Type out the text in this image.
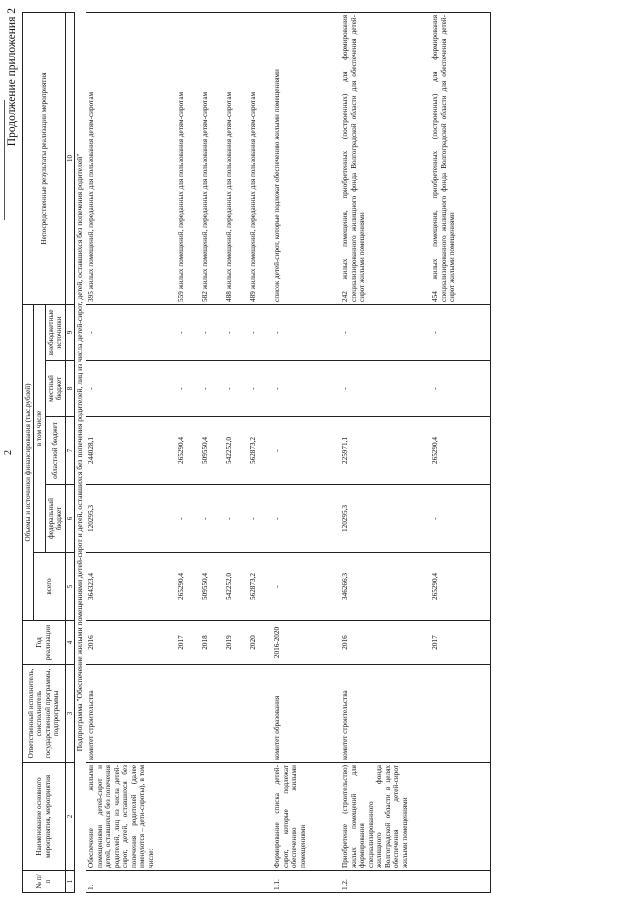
2
Продолжение приложения 2
№ п/п	Наименование основного мероприятия, мероприятия	Ответственный исполнитель, соисполнитель государственной программы, подпрограммы	Год реализации	Объемы и источники финансирования (тыс.рублей)					Непосредственные результаты реализации мероприятия
				всего	в том числе				
					федеральный бюджет	областной бюджет	местный бюджет	внебюджетные источники	
1	2	3	4	5	6	7	8	9	10
Подпрограмма "Обеспечение жилыми помещениями детей-сирот и детей, оставшихся без попечения родителей, лиц из числа детей-сирот, детей, оставшихся без попечения родителей"									
1.	Обеспечение жилыми помещениями детей-сирот и детей, оставшихся без попечения родителей, лиц из числа детей-сирот, детей, оставшихся без попечения родителей (далее именуются – дети-сироты), в том числе:	комитет строительства	2016	364323,4	120295,3	244028,1	-	-	395 жилых помещений, переданных для пользования детям-сиротам
			2017	265290,4	-	265290,4	-	-	559 жилых помещений, переданных для пользования детям-сиротам
			2018	509550,4	-	509550,4	-	-	582 жилых помещений, переданных для пользования детям-сиротам
			2019	542252,0	-	542252,0	-	-	488 жилых помещений, переданных для пользования детям-сиротам
			2020	562873,2	-	562873,2	-	-	489 жилых помещений, переданных для пользования детям-сиротам
1.1.	Формирование списка детей-сирот, которые подлежат обеспечению жилыми помещениями	комитет образования	2016-2020	-	-	-	-	-	список детей-сирот, которые подлежат обеспечению жилыми помещениями
1.2.	Приобретение (строительство) жилых помещений для формирования специализированного жилищного фонда Волгоградской области в целях обеспечения детей-сирот жилыми помещениями	комитет строительства	2016	346266,3	120295,3	225971,1	-	-	242 жилых помещения, приобретенных (построенных) для формирования специализированного жилищного фонда Волгоградской области для обеспечения детей-сирот жилыми помещениями
			2017	265290,4	-	265290,4	-	-	454 жилых помещения, приобретенных (построенных) для формирования специализированного жилищного фонда Волгоградской области для обеспечения детей-сирот жилыми помещениями
